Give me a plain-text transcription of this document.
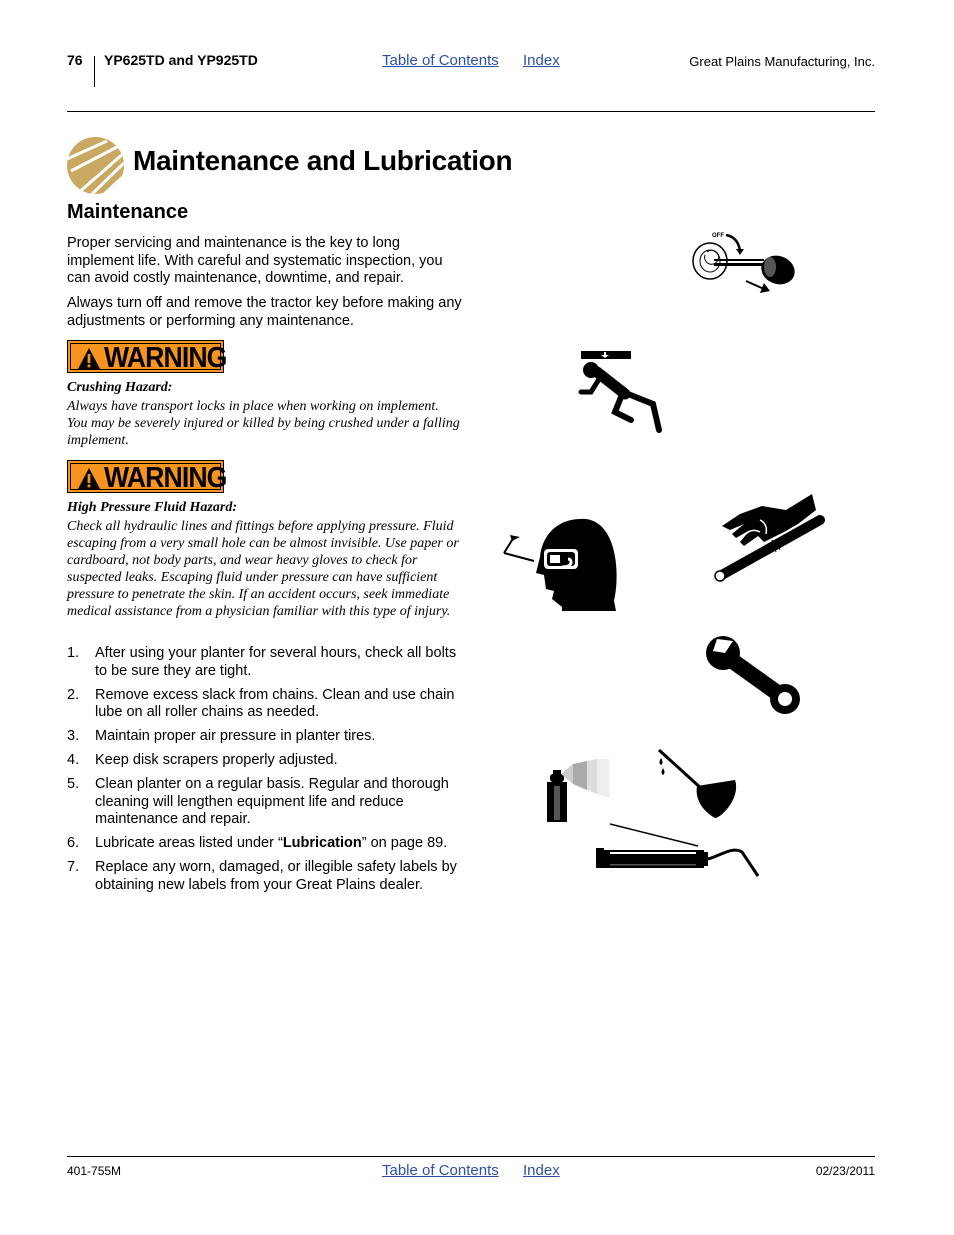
76 YP625TD and YP925TD	Table of Contents Index	Great Plains Manufacturing, Inc.
Maintenance and Lubrication
Maintenance
Proper servicing and maintenance is the key to long implement life. With careful and systematic inspection, you can avoid costly maintenance, downtime, and repair.
Always turn off and remove the tractor key before making any adjustments or performing any maintenance.
WARNING
Crushing Hazard:
Always have transport locks in place when working on implement. You may be severely injured or killed by being crushed under a falling implement.
WARNING
High Pressure Fluid Hazard:
Check all hydraulic lines and fittings before applying pressure. Fluid escaping from a very small hole can be almost invisible. Use paper or cardboard, not body parts, and wear heavy gloves to check for suspected leaks. Escaping fluid under pressure can have sufficient pressure to penetrate the skin. If an accident occurs, seek immediate medical assistance from a physician familiar with this type of injury.
1. After using your planter for several hours, check all bolts to be sure they are tight.
2. Remove excess slack from chains. Clean and use chain lube on all roller chains as needed.
3. Maintain proper air pressure in planter tires.
4. Keep disk scrapers properly adjusted.
5. Clean planter on a regular basis. Regular and thorough cleaning will lengthen equipment life and reduce maintenance and repair.
6. Lubricate areas listed under “Lubrication” on page 89.
7. Replace any worn, damaged, or illegible safety labels by obtaining new labels from your Great Plains dealer.
OFF
401-755M	Table of Contents Index	02/23/2011
